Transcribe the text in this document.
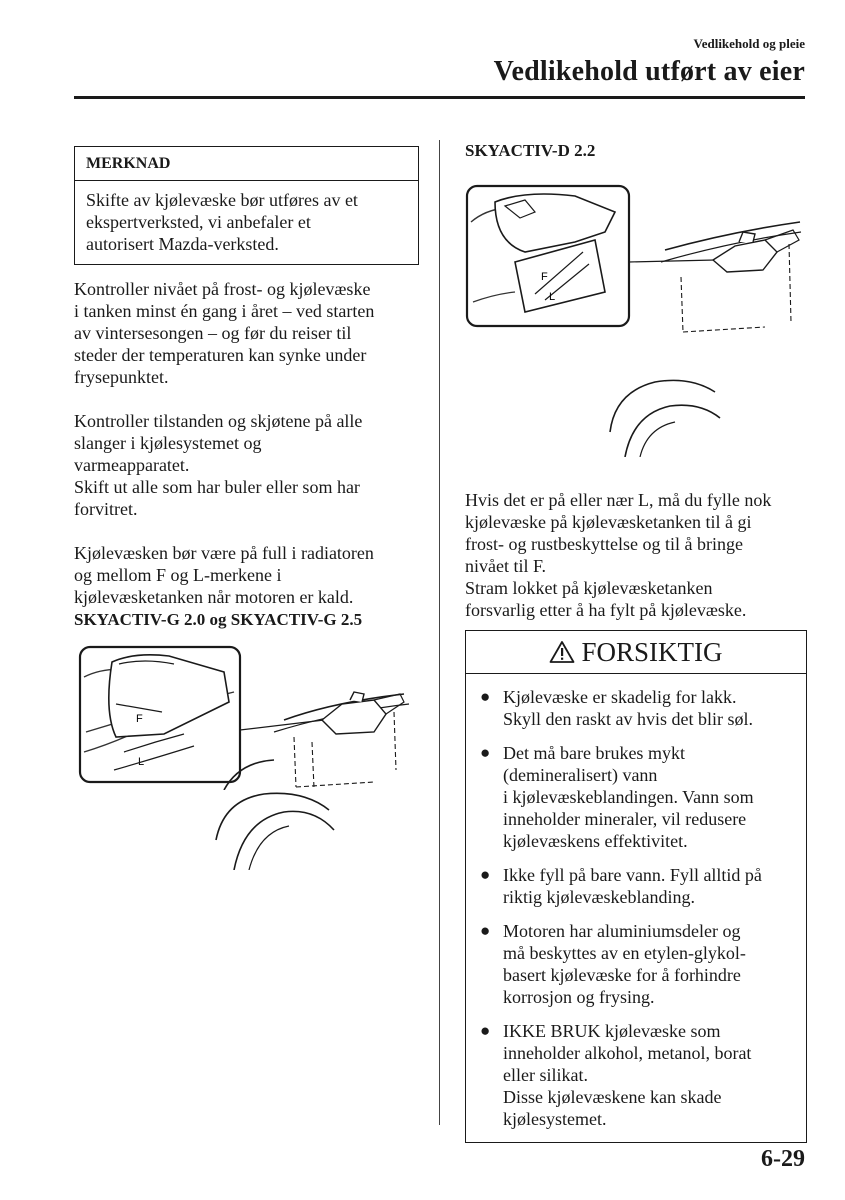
Vedlikehold og pleie
Vedlikehold utført av eier
MERKNAD
Skifte av kjølevæske bør utføres av et
ekspertverksted, vi anbefaler et
autorisert Mazda-verksted.

Kontroller nivået på frost- og kjølevæske
i tanken minst én gang i året – ved starten
av vintersesongen – og før du reiser til
steder der temperaturen kan synke under
frysepunktet.

Kontroller tilstanden og skjøtene på alle
slanger i kjølesystemet og
varmeapparatet.
Skift ut alle som har buler eller som har
forvitret.

Kjølevæsken bør være på full i radiatoren
og mellom F og L-merkene i
kjølevæsketanken når motoren er kald.
SKYACTIV-G 2.0 og SKYACTIV-G 2.5

F
L
SKYACTIV-D 2.2
F
L

Hvis det er på eller nær L, må du fylle nok
kjølevæske på kjølevæsketanken til å gi
frost- og rustbeskyttelse og til å bringe
nivået til F.
Stram lokket på kjølevæsketanken
forsvarlig etter å ha fylt på kjølevæske.

FORSIKTIG
● Kjølevæske er skadelig for lakk.
Skyll den raskt av hvis det blir søl.
● Det må bare brukes mykt
(demineralisert) vann
i kjølevæskeblandingen. Vann som
inneholder mineraler, vil redusere
kjølevæskens effektivitet.
● Ikke fyll på bare vann. Fyll alltid på
riktig kjølevæskeblanding.
● Motoren har aluminiumsdeler og
må beskyttes av en etylen-glykol-
basert kjølevæske for å forhindre
korrosjon og frysing.
● IKKE BRUK kjølevæske som
inneholder alkohol, metanol, borat
eller silikat.
Disse kjølevæskene kan skade
kjølesystemet.
6-29
